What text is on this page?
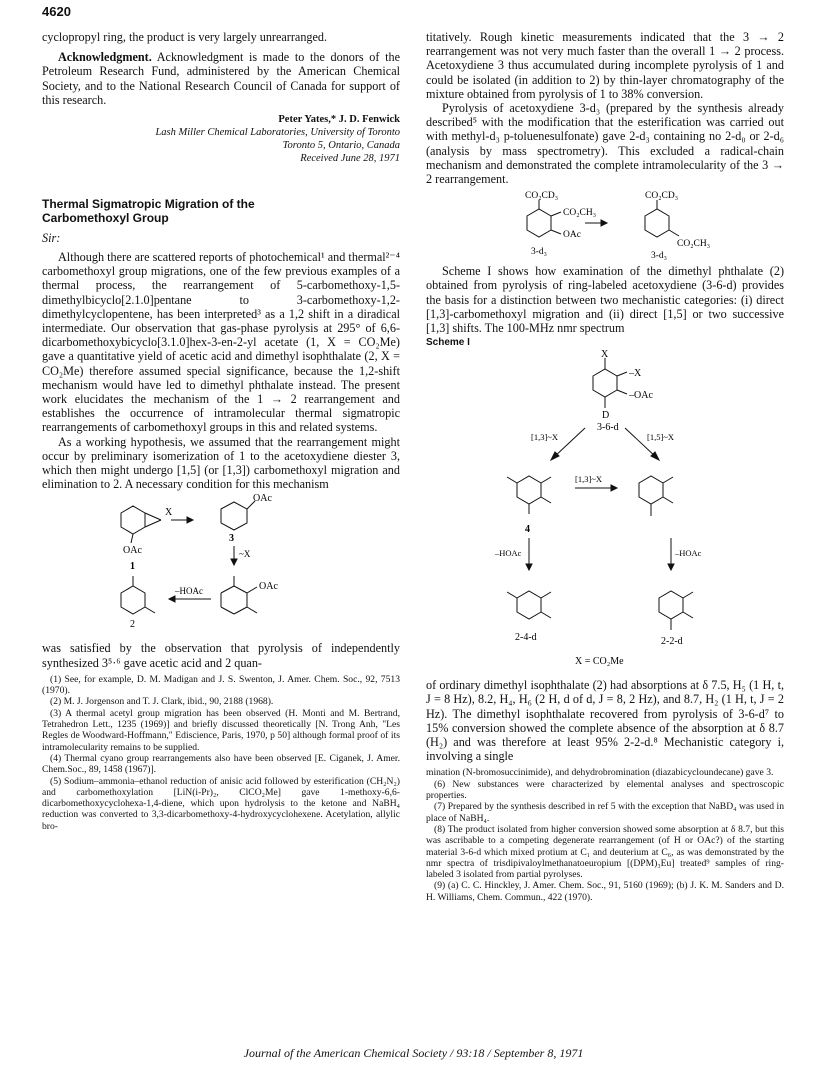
4620

cyclopropyl ring, the product is very largely unrearranged.

Acknowledgment. Acknowledgment is made to the donors of the Petroleum Research Fund, administered by the American Chemical Society, and to the National Research Council of Canada for support of this research.

Peter Yates,* J. D. Fenwick
Lash Miller Chemical Laboratories, University of Toronto
Toronto 5, Ontario, Canada
Received June 28, 1971
Thermal Sigmatropic Migration of the
Carbomethoxyl Group
Sir:

Although there are scattered reports of photochemical¹ and thermal²⁻⁴ carbomethoxyl group migrations, one of the few previous examples of a thermal process, the rearrangement of 5-carbomethoxy-1,5-dimethylbicyclo[2.1.0]pentane to 3-carbomethoxy-1,2-dimethylcyclopentene, has been interpreted³ as a 1,2 shift in a diradical intermediate. Our observation that gas-phase pyrolysis at 295° of 6,6-dicarbomethoxybicyclo[3.1.0]hex-3-en-2-yl acetate (1, X = CO₂Me) gave a quantitative yield of acetic acid and dimethyl isophthalate (2, X = CO₂Me) therefore assumed special significance, because the 1,2-shift mechanism would have led to dimethyl phthalate instead. The present work elucidates the mechanism of the 1 → 2 rearrangement and establishes the occurrence of intramolecular thermal sigmatropic rearrangements of carbomethoxyl groups in this and related systems.

As a working hypothesis, we assumed that the rearrangement might occur by preliminary isomerization of 1 to the acetoxydiene diester 3, which then might undergo [1,5] (or [1,3]) carbomethoxyl migration and elimination to 2. A necessary condition for this mechanism

X
OAc
1
OAc
3
~X
–HOAc
2
OAc

was satisfied by the observation that pyrolysis of independently synthesized 3⁵·⁶ gave acetic acid and 2 quan-

(1) See, for example, D. M. Madigan and J. S. Swenton, J. Amer. Chem. Soc., 92, 7513 (1970).

(2) M. J. Jorgenson and T. J. Clark, ibid., 90, 2188 (1968).

(3) A thermal acetyl group migration has been observed (H. Monti and M. Bertrand, Tetrahedron Lett., 1235 (1969)] and briefly discussed theoretically [N. Trong Anh, "Les Regles de Woodward-Hoffmann," Ediscience, Paris, 1970, p 50] although formal proof of its intramolecularity remains to be supplied.

(4) Thermal cyano group rearrangements also have been observed [E. Ciganek, J. Amer. Chem.Soc., 89, 1458 (1967)].

(5) Sodium–ammonia–ethanol reduction of anisic acid followed by esterification (CH₂N₂) and carbomethoxylation [LiN(i-Pr)₂, ClCO₂Me] gave 1-methoxy-6,6-dicarbomethoxycyclohexa-1,4-diene, which upon hydrolysis to the ketone and NaBH₄ reduction was converted to 3,3-dicarbomethoxy-4-hydroxycyclohexene. Acetylation, allylic bro-

titatively. Rough kinetic measurements indicated that the 3 → 2 rearrangement was not very much faster than the overall 1 → 2 process. Acetoxydiene 3 thus accumulated during incomplete pyrolysis of 1 and could be isolated (in addition to 2) by thin-layer chromatography of the mixture obtained from pyrolysis of 1 to 38% conversion.

Pyrolysis of acetoxydiene 3-d₃ (prepared by the synthesis already described⁵ with the modification that the esterification was carried out with methyl-d₃ p-toluenesulfonate) gave 2-d₃ containing no 2-d₀ or 2-d₆ (analysis by mass spectrometry). This excluded a radical-chain mechanism and demonstrated the complete intramolecularity of the 3 → 2 rearrangement.

CO₂CD₃
CO₂CH₃
OAc
3-d₃
CO₂CD₃
CO₂CH₃
3-d₃

Scheme I shows how examination of the dimethyl phthalate (2) obtained from pyrolysis of ring-labeled acetoxydiene (3-6-d) provides the basis for a distinction between two mechanistic categories: (i) direct [1,3]-carbomethoxyl migration and (ii) direct [1,5] or two successive [1,3] shifts. The 100-MHz nmr spectrum

Scheme I
X
–X
–OAc
D
3-6-d
[1,3]~X	[1,5]~X
[1,3]~X
4
–HOAc	–HOAc
2-4-d	2-2-d
X = CO₂Me

of ordinary dimethyl isophthalate (2) had absorptions at δ 7.5, H₅ (1 H, t, J = 8 Hz), 8.2, H₄, H₆ (2 H, d of d, J = 8, 2 Hz), and 8.7, H₂ (1 H, t, J = 2 Hz). The dimethyl isophthalate recovered from pyrolysis of 3-6-d⁷ to 15% conversion showed the complete absence of the absorption at δ 8.7 (H₂) and was therefore at least 95% 2-2-d.⁸ Mechanistic category i, involving a single

mination (N-bromosuccinimide), and dehydrobromination (diazabicycloundecane) gave 3.

(6) New substances were characterized by elemental analyses and spectroscopic properties.

(7) Prepared by the synthesis described in ref 5 with the exception that NaBD₄ was used in place of NaBH₄.

(8) The product isolated from higher conversion showed some absorption at δ 8.7, but this was ascribable to a competing degenerate rearrangement (of H or OAc?) of the starting material 3-6-d which mixed protium at C₁ and deuterium at C₆, as was demonstrated by the nmr spectra of trisdipivaloylmethanatoeuropium [(DPM)₃Eu] treated⁹ samples of ring-labeled 3 isolated from partial pyrolyses.

(9) (a) C. C. Hinckley, J. Amer. Chem. Soc., 91, 5160 (1969); (b) J. K. M. Sanders and D. H. Williams, Chem. Commun., 422 (1970).

Journal of the American Chemical Society / 93:18 / September 8, 1971
